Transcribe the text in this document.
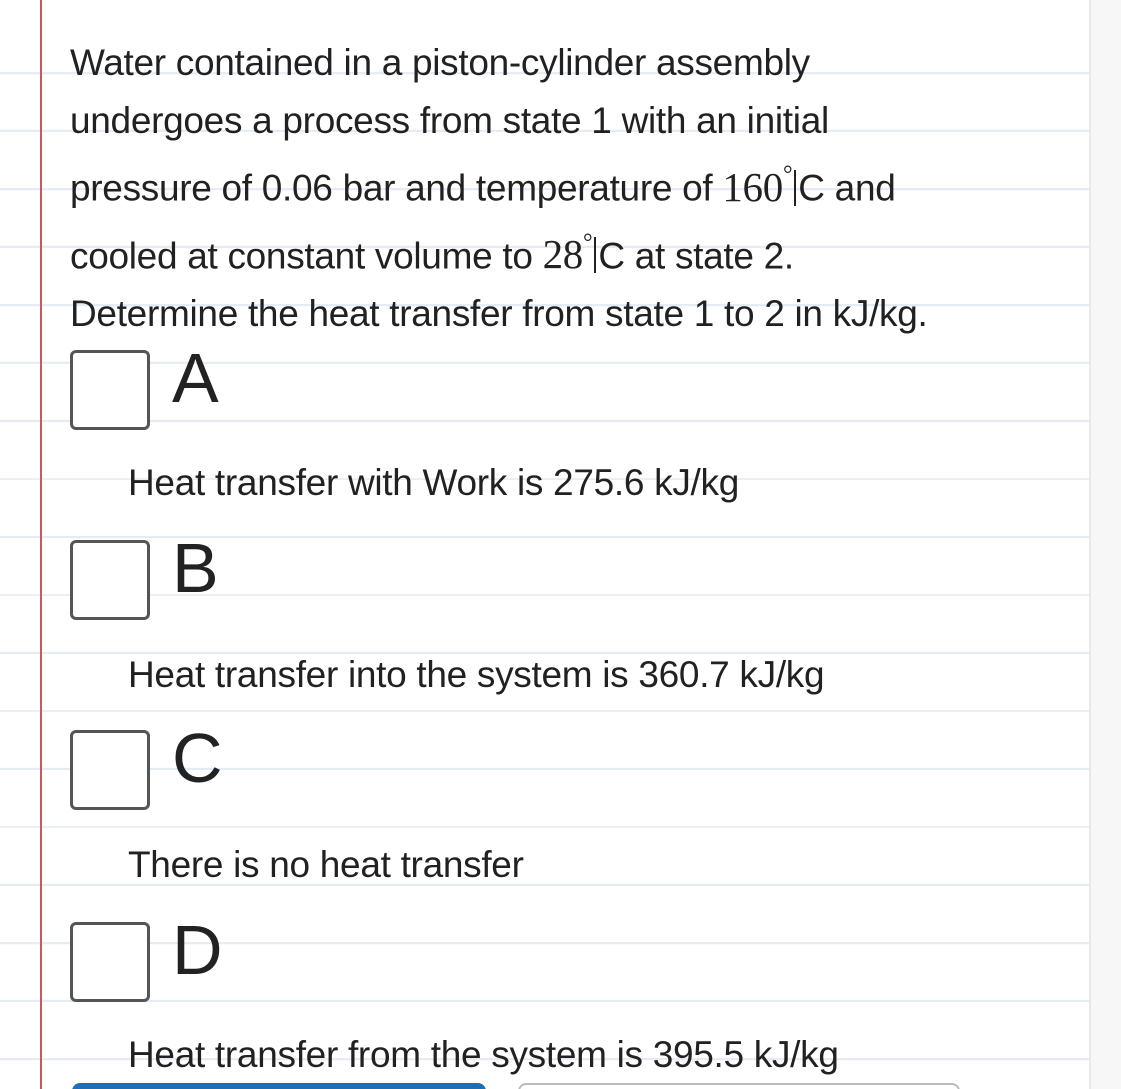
Water contained in a piston-cylinder assembly
undergoes a process from state 1 with an initial
pressure of 0.06 bar and temperature of 160° C and
cooled at constant volume to 28° C at state 2.
Determine the heat transfer from state 1 to 2 in kJ/kg.

A
Heat transfer with Work is 275.6 kJ/kg
B
Heat transfer into the system is 360.7 kJ/kg
C
There is no heat transfer
D
Heat transfer from the system is 395.5 kJ/kg
